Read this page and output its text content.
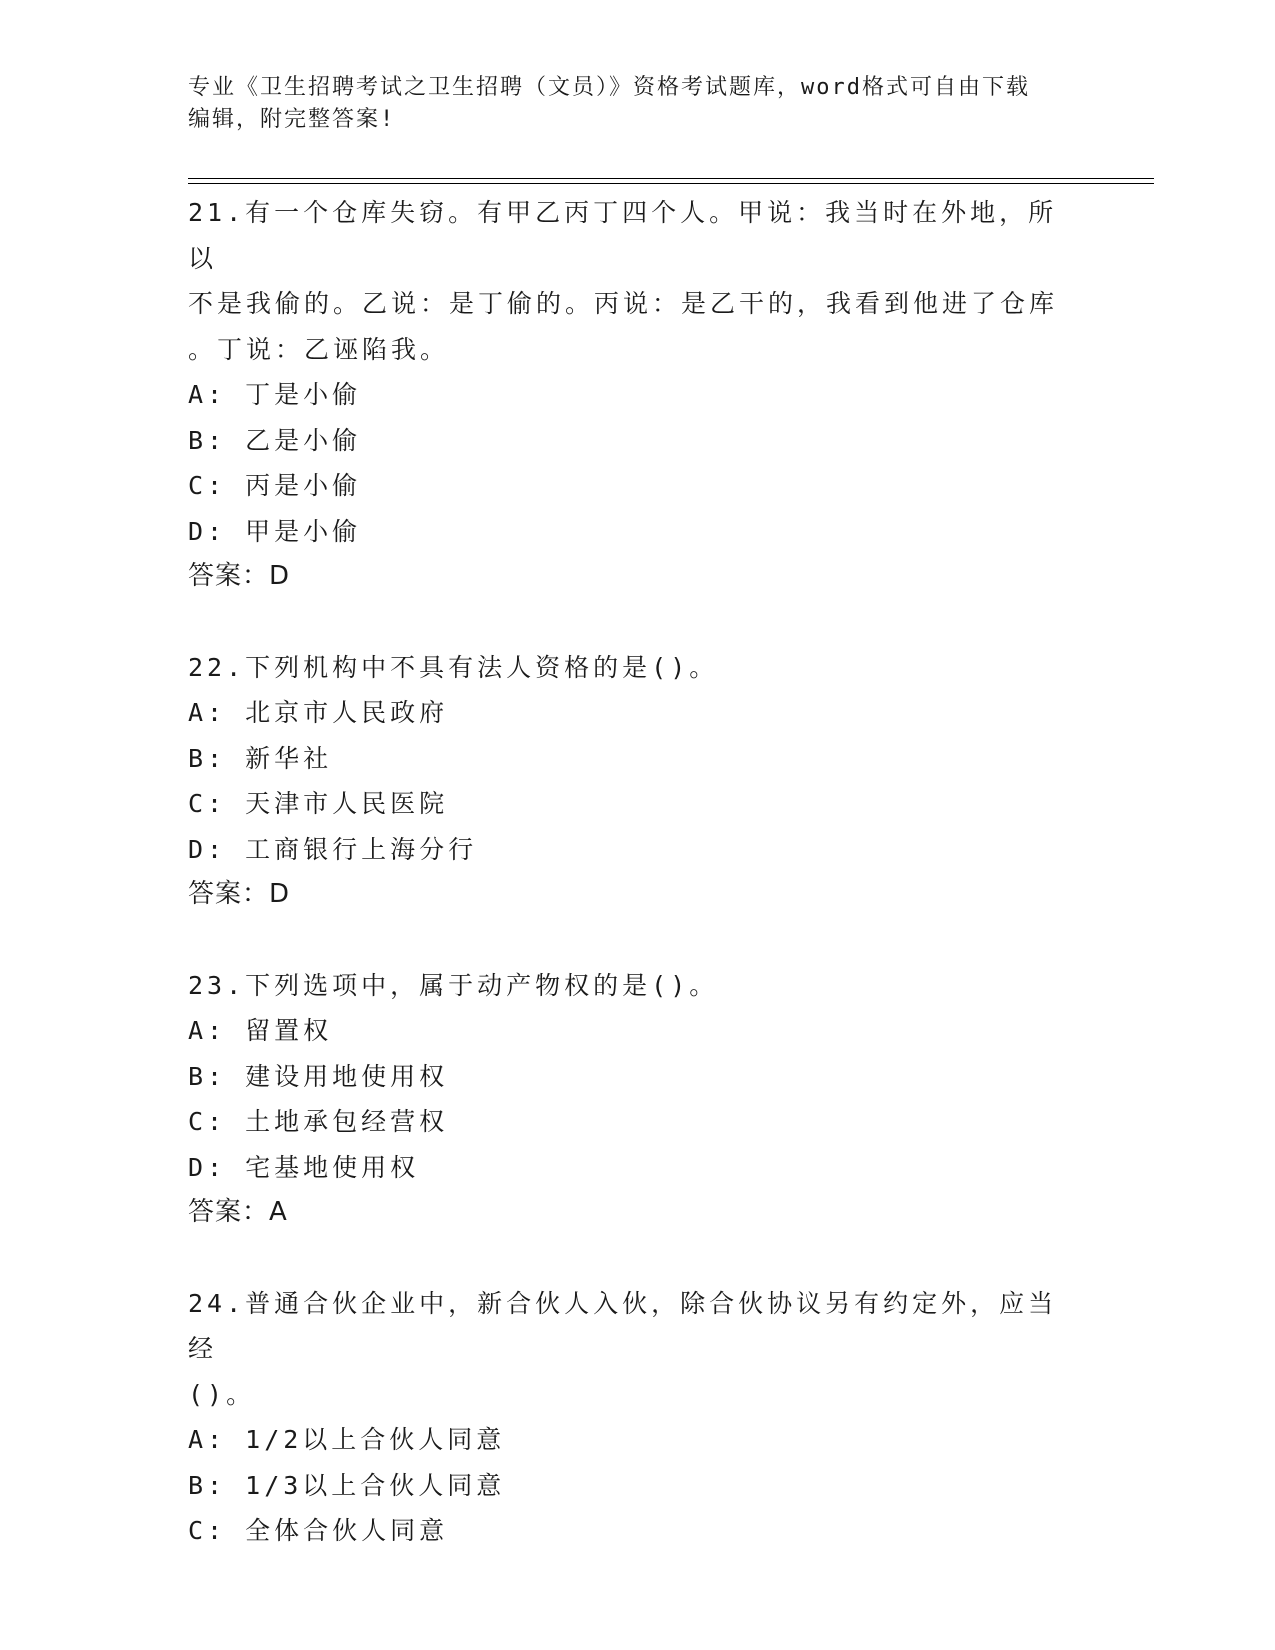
专业《卫生招聘考试之卫生招聘（文员）》资格考试题库，word格式可自由下载
编辑，附完整答案!
21.有一个仓库失窃。有甲乙丙丁四个人。甲说：我当时在外地，所以
不是我偷的。乙说：是丁偷的。丙说：是乙干的，我看到他进了仓库
。丁说：乙诬陷我。
A: 丁是小偷
B: 乙是小偷
C: 丙是小偷
D: 甲是小偷
答案：D
22.下列机构中不具有法人资格的是()。
A: 北京市人民政府
B: 新华社
C: 天津市人民医院
D: 工商银行上海分行
答案：D
23.下列选项中，属于动产物权的是()。
A: 留置权
B: 建设用地使用权
C: 土地承包经营权
D: 宅基地使用权
答案：A
24.普通合伙企业中，新合伙人入伙，除合伙协议另有约定外，应当经
()。
A: 1/2以上合伙人同意
B: 1/3以上合伙人同意
C: 全体合伙人同意
